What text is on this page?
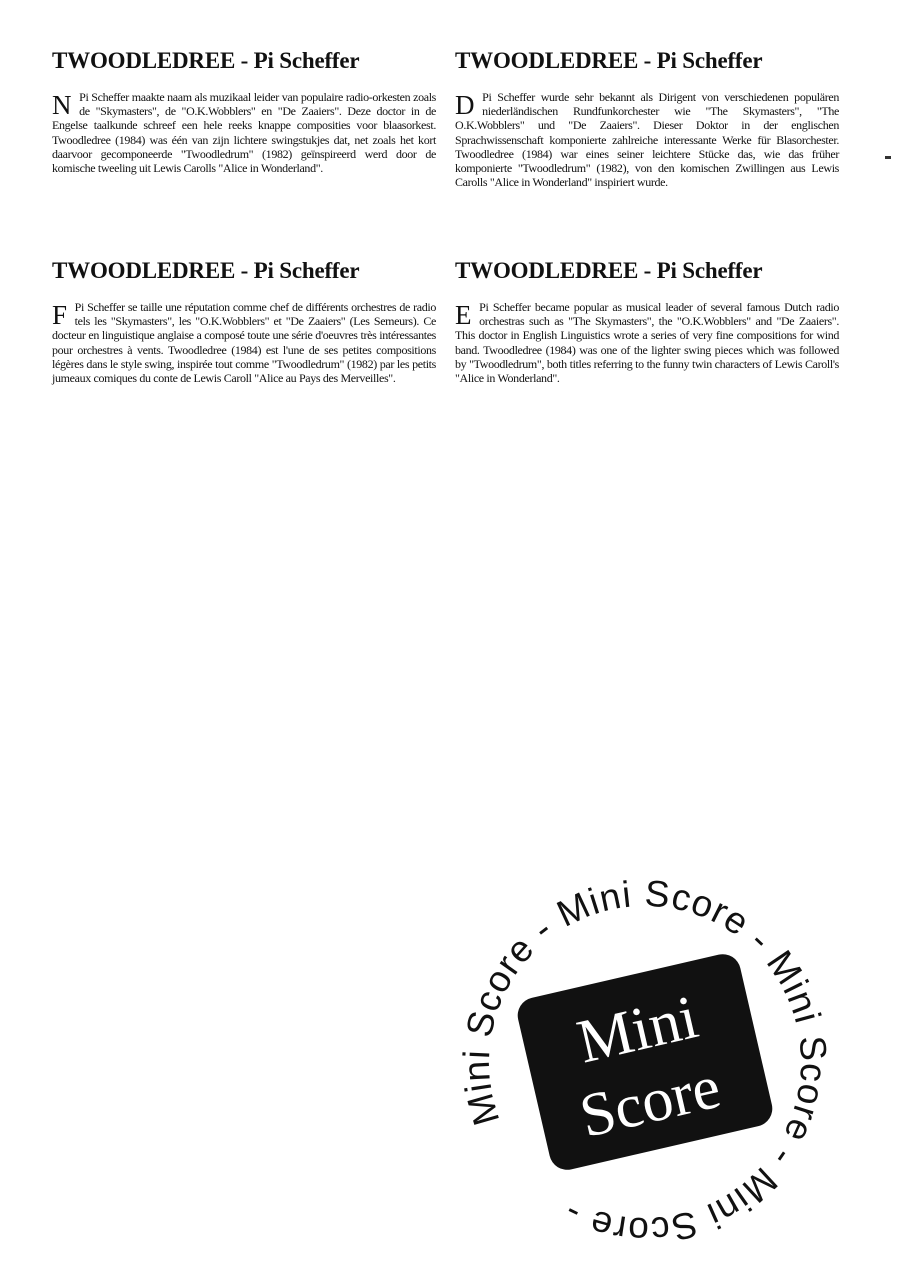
TWOODLEDREE - Pi Scheffer

N Pi Scheffer maakte naam als muzikaal leider van populaire radio-orkesten zoals de "Skymasters", de "O.K.Wobblers" en "De Zaaiers". Deze doctor in de Engelse taalkunde schreef een hele reeks knappe composities voor blaasorkest. Twoodledree (1984) was één van zijn lichtere swingstukjes dat, net zoals het kort daarvoor gecomponeerde "Twoodledrum" (1982) geïnspireerd werd door de komische tweeling uit Lewis Carolls "Alice in Wonderland".

TWOODLEDREE - Pi Scheffer

D Pi Scheffer wurde sehr bekannt als Dirigent von verschiedenen populären niederländischen Rundfunkorchester wie "The Skymasters", "The O.K.Wobblers" und "De Zaaiers". Dieser Doktor in der englischen Sprachwissenschaft komponierte zahlreiche interessante Werke für Blasorchester. Twoodledree (1984) war eines seiner leichtere Stücke das, wie das früher komponierte "Twoodledrum" (1982), von den komischen Zwillingen aus Lewis Carolls "Alice in Wonderland" inspiriert wurde.

TWOODLEDREE - Pi Scheffer

F Pi Scheffer se taille une réputation comme chef de différents orchestres de radio tels les "Skymasters", les "O.K.Wobblers" et "De Zaaiers" (Les Semeurs). Ce docteur en linguistique anglaise a composé toute une série d'oeuvres très intéressantes pour orchestres à vents. Twoodledree (1984) est l'une de ses petites compositions légères dans le style swing, inspirée tout comme "Twoodledrum" (1982) par les petits jumeaux comiques du conte de Lewis Caroll "Alice au Pays des Merveilles".

TWOODLEDREE - Pi Scheffer

E Pi Scheffer became popular as musical leader of several famous Dutch radio orchestras such as "The Skymasters", the "O.K.Wobblers" and "De Zaaiers". This doctor in English Linguistics wrote a series of very fine compositions for wind band. Twoodledree (1984) was one of the lighter swing pieces which was followed by "Twoodledrum", both titles referring to the funny twin characters of Lewis Caroll's "Alice in Wonderland".

Mini Score - Mini Score - Mini Score - Mini Score -
Mini
Score
